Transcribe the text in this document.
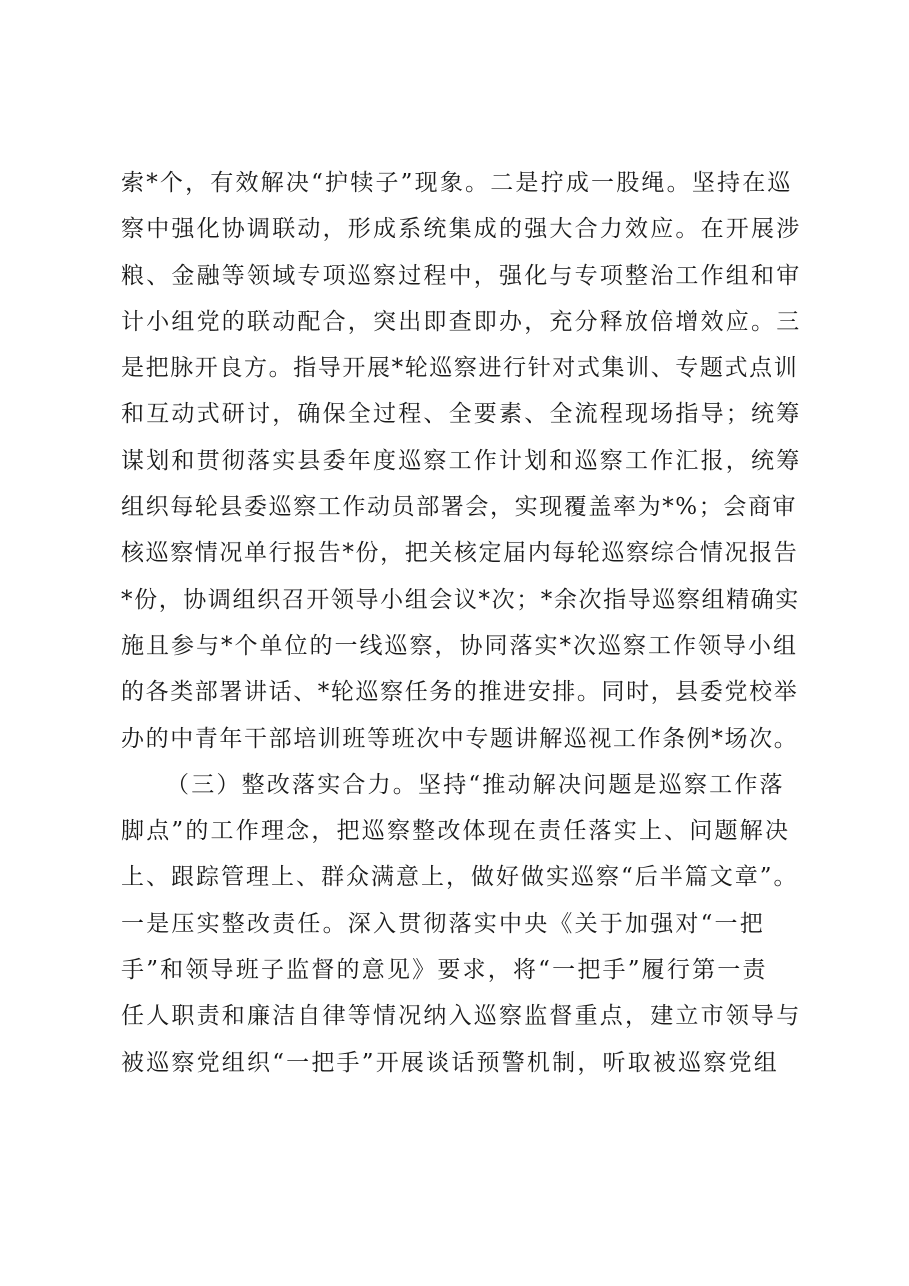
索*个，有效解决“护犊子”现象。二是拧成一股绳。坚持在巡
察中强化协调联动，形成系统集成的强大合力效应。在开展涉
粮、金融等领域专项巡察过程中，强化与专项整治工作组和审
计小组党的联动配合，突出即查即办，充分释放倍增效应。三
是把脉开良方。指导开展*轮巡察进行针对式集训、专题式点训
和互动式研讨，确保全过程、全要素、全流程现场指导；统筹
谋划和贯彻落实县委年度巡察工作计划和巡察工作汇报，统筹
组织每轮县委巡察工作动员部署会，实现覆盖率为*%；会商审
核巡察情况单行报告*份，把关核定届内每轮巡察综合情况报告
*份，协调组织召开领导小组会议*次；*余次指导巡察组精确实
施且参与*个单位的一线巡察，协同落实*次巡察工作领导小组
的各类部署讲话、*轮巡察任务的推进安排。同时，县委党校举
办的中青年干部培训班等班次中专题讲解巡视工作条例*场次。
（三）整改落实合力。坚持“推动解决问题是巡察工作落
脚点”的工作理念，把巡察整改体现在责任落实上、问题解决
上、跟踪管理上、群众满意上，做好做实巡察“后半篇文章”。
一是压实整改责任。深入贯彻落实中央《关于加强对“一把
手”和领导班子监督的意见》要求，将“一把手”履行第一责
任人职责和廉洁自律等情况纳入巡察监督重点，建立市领导与
被巡察党组织“一把手”开展谈话预警机制，听取被巡察党组
